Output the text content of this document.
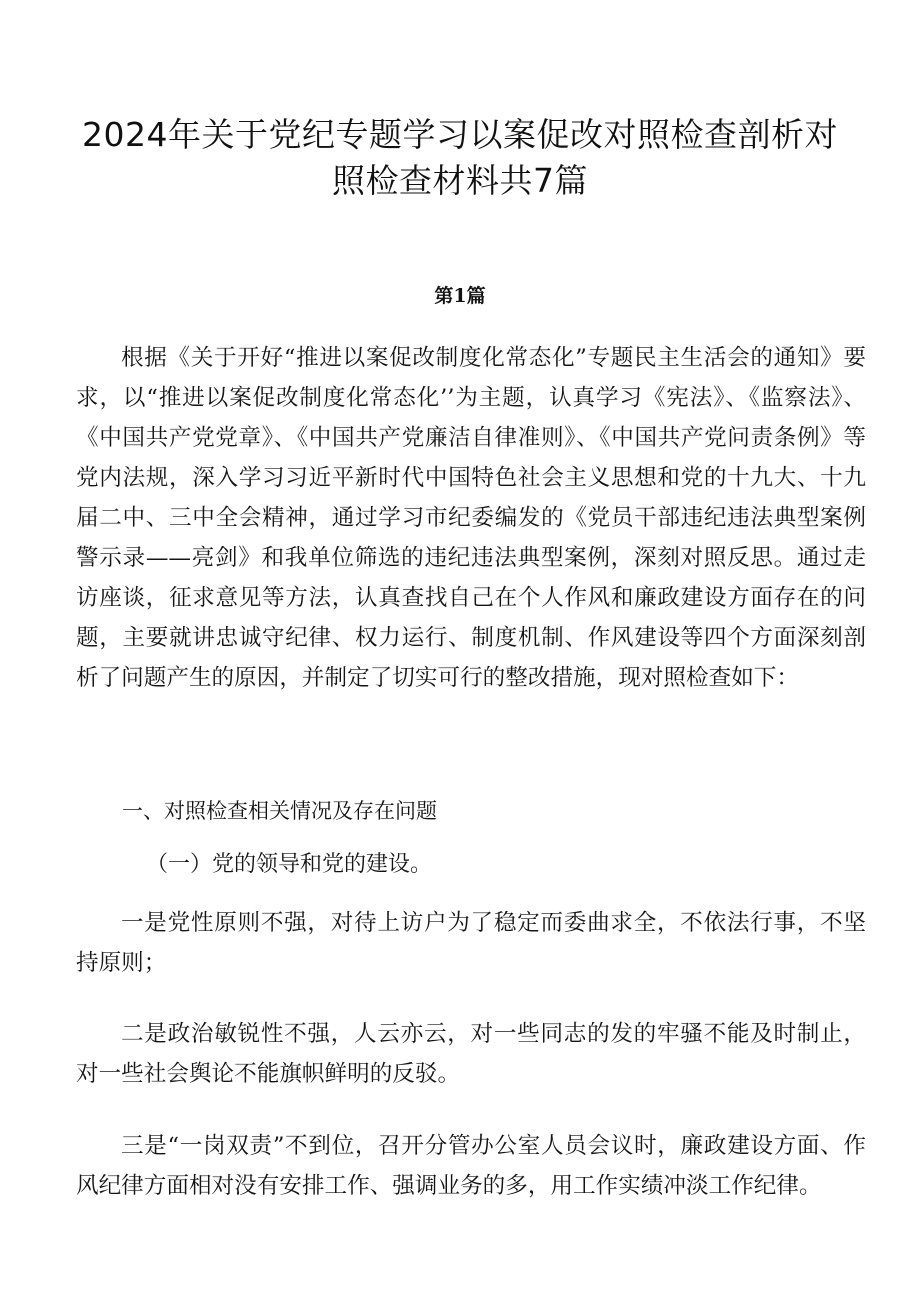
2024年关于党纪专题学习以案促改对照检查剖析对照检查材料共7篇
第1篇

根据《关于开好“推进以案促改制度化常态化”专题民主生活会的通知》要求，以“推进以案促改制度化常态化’’为主题，认真学习《宪法》、《监察法》、《中国共产党党章》、《中国共产党廉洁自律准则》、《中国共产党问责条例》等党内法规，深入学习习近平新时代中国特色社会主义思想和党的十九大、十九届二中、三中全会精神，通过学习市纪委编发的《党员干部违纪违法典型案例警示录——亮剑》和我单位筛选的违纪违法典型案例，深刻对照反思。通过走访座谈，征求意见等方法，认真查找自己在个人作风和廉政建设方面存在的问题，主要就讲忠诚守纪律、权力运行、制度机制、作风建设等四个方面深刻剖析了问题产生的原因，并制定了切实可行的整改措施，现对照检查如下：

一、对照检查相关情况及存在问题
（一）党的领导和党的建设。

一是党性原则不强，对待上访户为了稳定而委曲求全，不依法行事，不坚持原则；

二是政治敏锐性不强，人云亦云，对一些同志的发的牢骚不能及时制止，对一些社会舆论不能旗帜鲜明的反驳。

三是“一岗双责”不到位，召开分管办公室人员会议时，廉政建设方面、作风纪律方面相对没有安排工作、强调业务的多，用工作实绩冲淡工作纪律。
